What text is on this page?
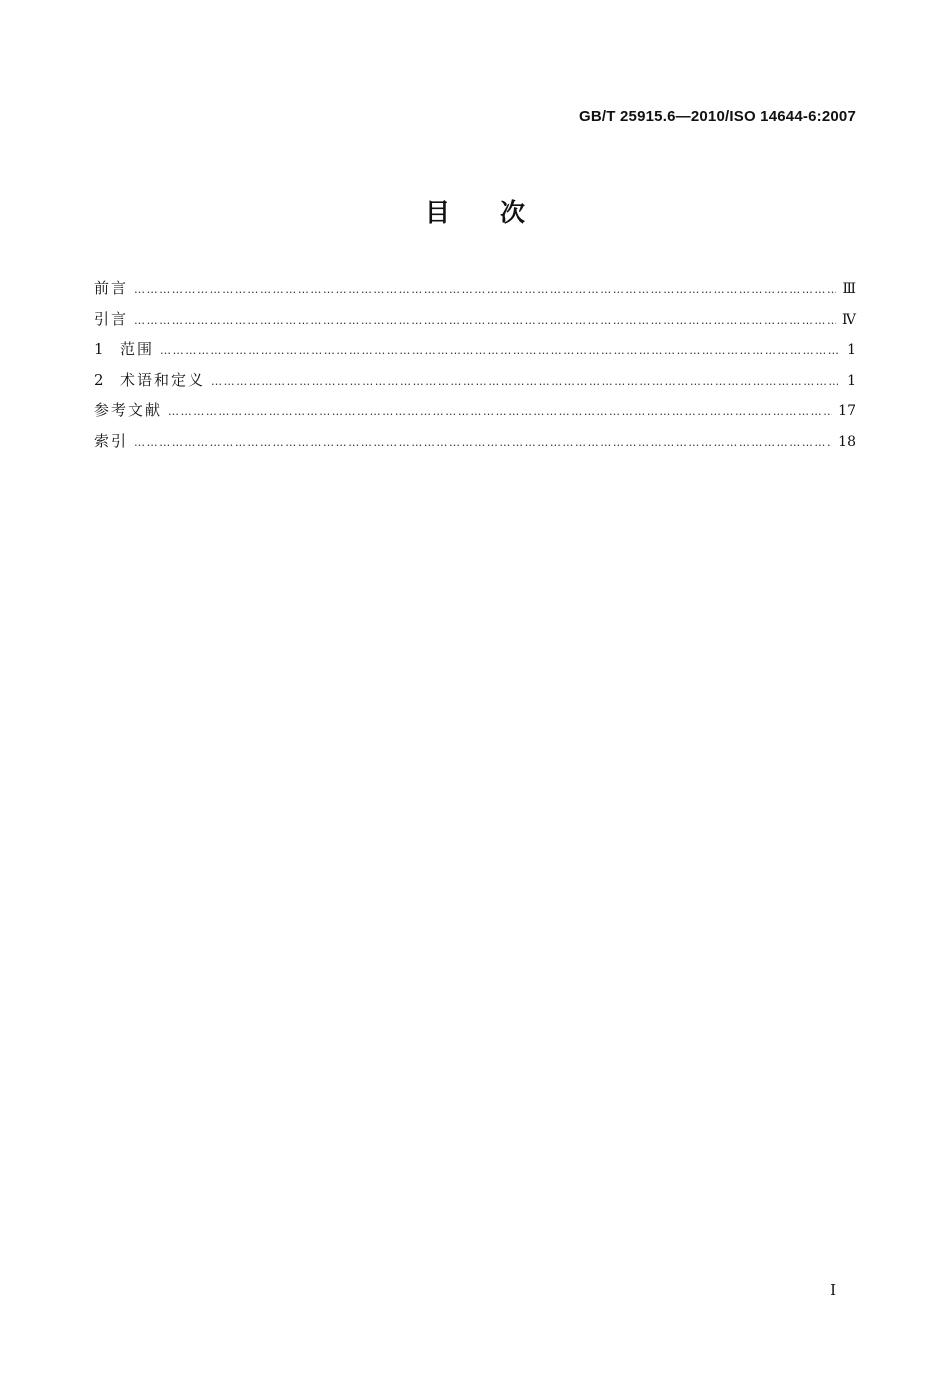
GB/T 25915.6—2010/ISO 14644-6:2007
目次
前言 …………………………………………………………………………………………………………………………………………………………………………………………………………	Ⅲ
引言 …………………………………………………………………………………………………………………………………………………………………………………………………………	Ⅳ
1	范围 …………………………………………………………………………………………………………………………………………………………………………………………………………	1
2	术语和定义 …………………………………………………………………………………………………………………………………………………………………………………………………………	1
参考文献 …………………………………………………………………………………………………………………………………………………………………………………………………………	17
索引 …………………………………………………………………………………………………………………………………………………………………………………………………………	18
I
